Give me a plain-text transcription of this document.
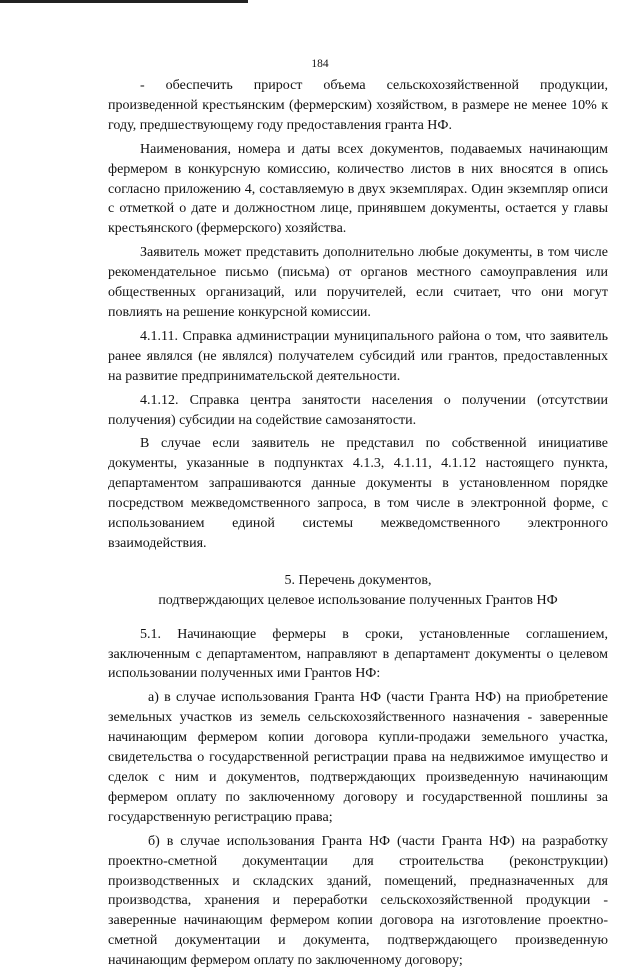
184

- обеспечить прирост объема сельскохозяйственной продукции, произведенной крестьянским (фермерским) хозяйством, в размере не менее 10% к году, предшествующему году предоставления гранта НФ.

Наименования, номера и даты всех документов, подаваемых начинающим фермером в конкурсную комиссию, количество листов в них вносятся в опись согласно приложению 4, составляемую в двух экземплярах. Один экземпляр описи с отметкой о дате и должностном лице, принявшем документы, остается у главы крестьянского (фермерского) хозяйства.

Заявитель может представить дополнительно любые документы, в том числе рекомендательное письмо (письма) от органов местного самоуправления или общественных организаций, или поручителей, если считает, что они могут повлиять на решение конкурсной комиссии.

4.1.11. Справка администрации муниципального района о том, что заявитель ранее являлся (не являлся) получателем субсидий или грантов, предоставленных на развитие предпринимательской деятельности.

4.1.12. Справка центра занятости населения о получении (отсутствии получения) субсидии на содействие самозанятости.

В случае если заявитель не представил по собственной инициативе документы, указанные в подпунктах 4.1.3, 4.1.11, 4.1.12 настоящего пункта, департаментом запрашиваются данные документы в установленном порядке посредством межведомственного запроса, в том числе в электронной форме, с использованием единой системы межведомственного электронного взаимодействия.

5. Перечень документов,
подтверждающих целевое использование полученных Грантов НФ

5.1. Начинающие фермеры в сроки, установленные соглашением, заключенным с департаментом, направляют в департамент документы о целевом использовании полученных ими Грантов НФ:

а) в случае использования Гранта НФ (части Гранта НФ) на приобретение земельных участков из земель сельскохозяйственного назначения - заверенные начинающим фермером копии договора купли-продажи земельного участка, свидетельства о государственной регистрации права на недвижимое имущество и сделок с ним и документов, подтверждающих произведенную начинающим фермером оплату по заключенному договору и государственной пошлины за государственную регистрацию права;

б) в случае использования Гранта НФ (части Гранта НФ) на разработку проектно-сметной документации для строительства (реконструкции) производственных и складских зданий, помещений, предназначенных для производства, хранения и переработки сельскохозяйственной продукции - заверенные начинающим фермером копии договора на изготовление проектно-сметной документации и документа, подтверждающего произведенную начинающим фермером оплату по заключенному договору;
